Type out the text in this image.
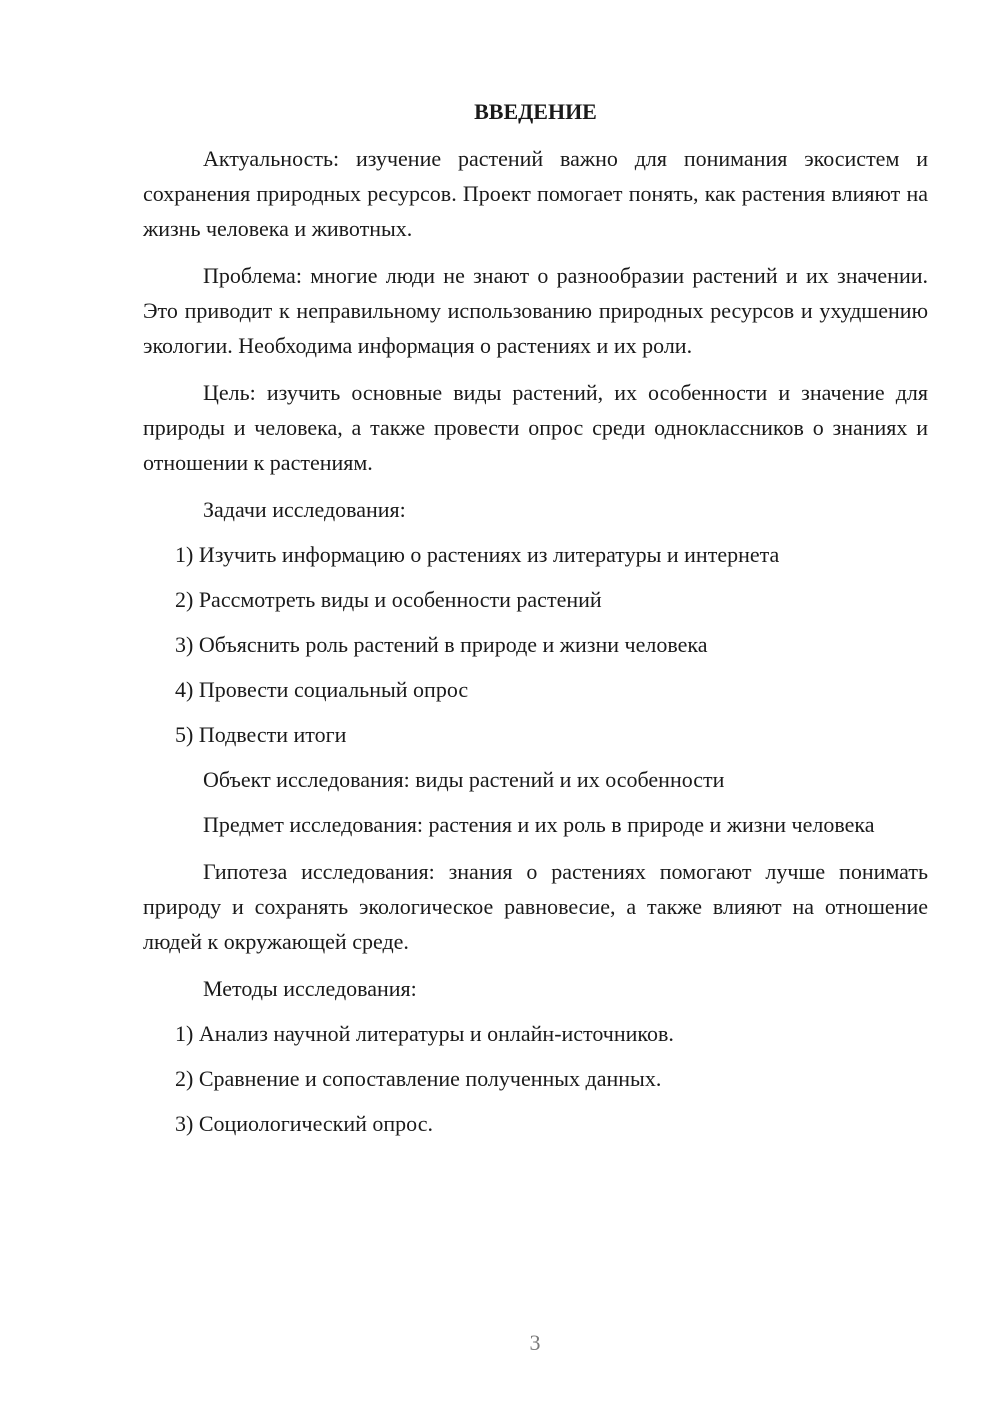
ВВЕДЕНИЕ
Актуальность: изучение растений важно для понимания экосистем и сохранения природных ресурсов. Проект помогает понять, как растения влияют на жизнь человека и животных.
Проблема: многие люди не знают о разнообразии растений и их значении. Это приводит к неправильному использованию природных ресурсов и ухудшению экологии. Необходима информация о растениях и их роли.
Цель: изучить основные виды растений, их особенности и значение для природы и человека, а также провести опрос среди одноклассников о знаниях и отношении к растениям.
Задачи исследования:
1) Изучить информацию о растениях из литературы и интернета
2) Рассмотреть виды и особенности растений
3) Объяснить роль растений в природе и жизни человека
4) Провести социальный опрос
5) Подвести итоги
Объект исследования: виды растений и их особенности
Предмет исследования: растения и их роль в природе и жизни человека
Гипотеза исследования: знания о растениях помогают лучше понимать природу и сохранять экологическое равновесие, а также влияют на отношение людей к окружающей среде.
Методы исследования:
1) Анализ научной литературы и онлайн-источников.
2) Сравнение и сопоставление полученных данных.
3) Социологический опрос.
3
